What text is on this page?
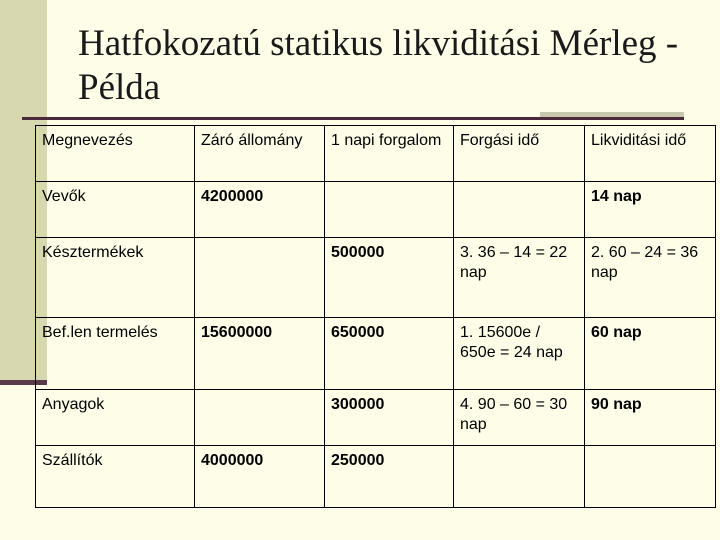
Hatfokozatú statikus likviditási Mérleg - Példa
Megnevezés	Záró állomány	1 napi forgalom	Forgási idő	Likviditási idő
Vevők	4200000			14 nap
Késztermékek		500000	3. 36 – 14 = 22 nap	2. 60 – 24 = 36 nap
Bef.len termelés	15600000	650000	1. 15600e / 650e = 24 nap	60 nap
Anyagok		300000	4. 90 – 60 = 30 nap	90 nap
Szállítók	4000000	250000		
